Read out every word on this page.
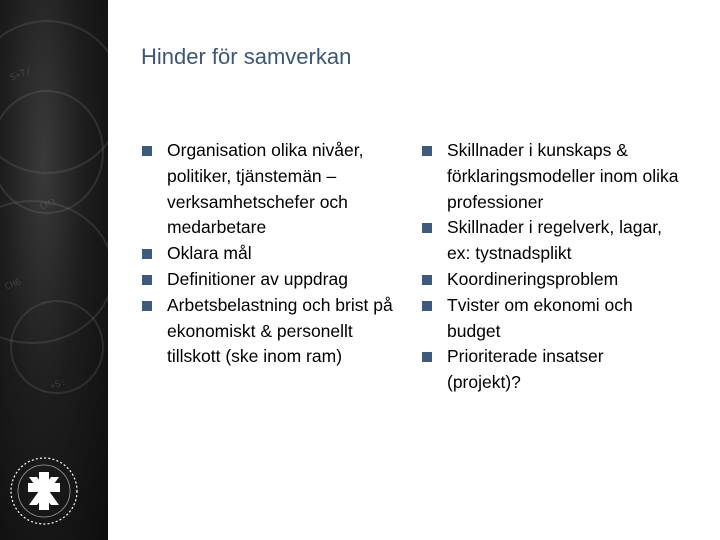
S∗T/
CH3
CH6
+S:
Hinder för samverkan
Organisation olika nivåer, politiker, tjänstemän – verksamhetschefer och medarbetare
Oklara mål
Definitioner av uppdrag
Arbetsbelastning och brist på ekonomiskt & personellt tillskott (ske inom ram)
Skillnader i kunskaps & förklaringsmodeller inom olika professioner
Skillnader i regelverk, lagar, ex: tystnadsplikt
Koordineringsproblem
Tvister om ekonomi och budget
Prioriterade insatser (projekt)?
